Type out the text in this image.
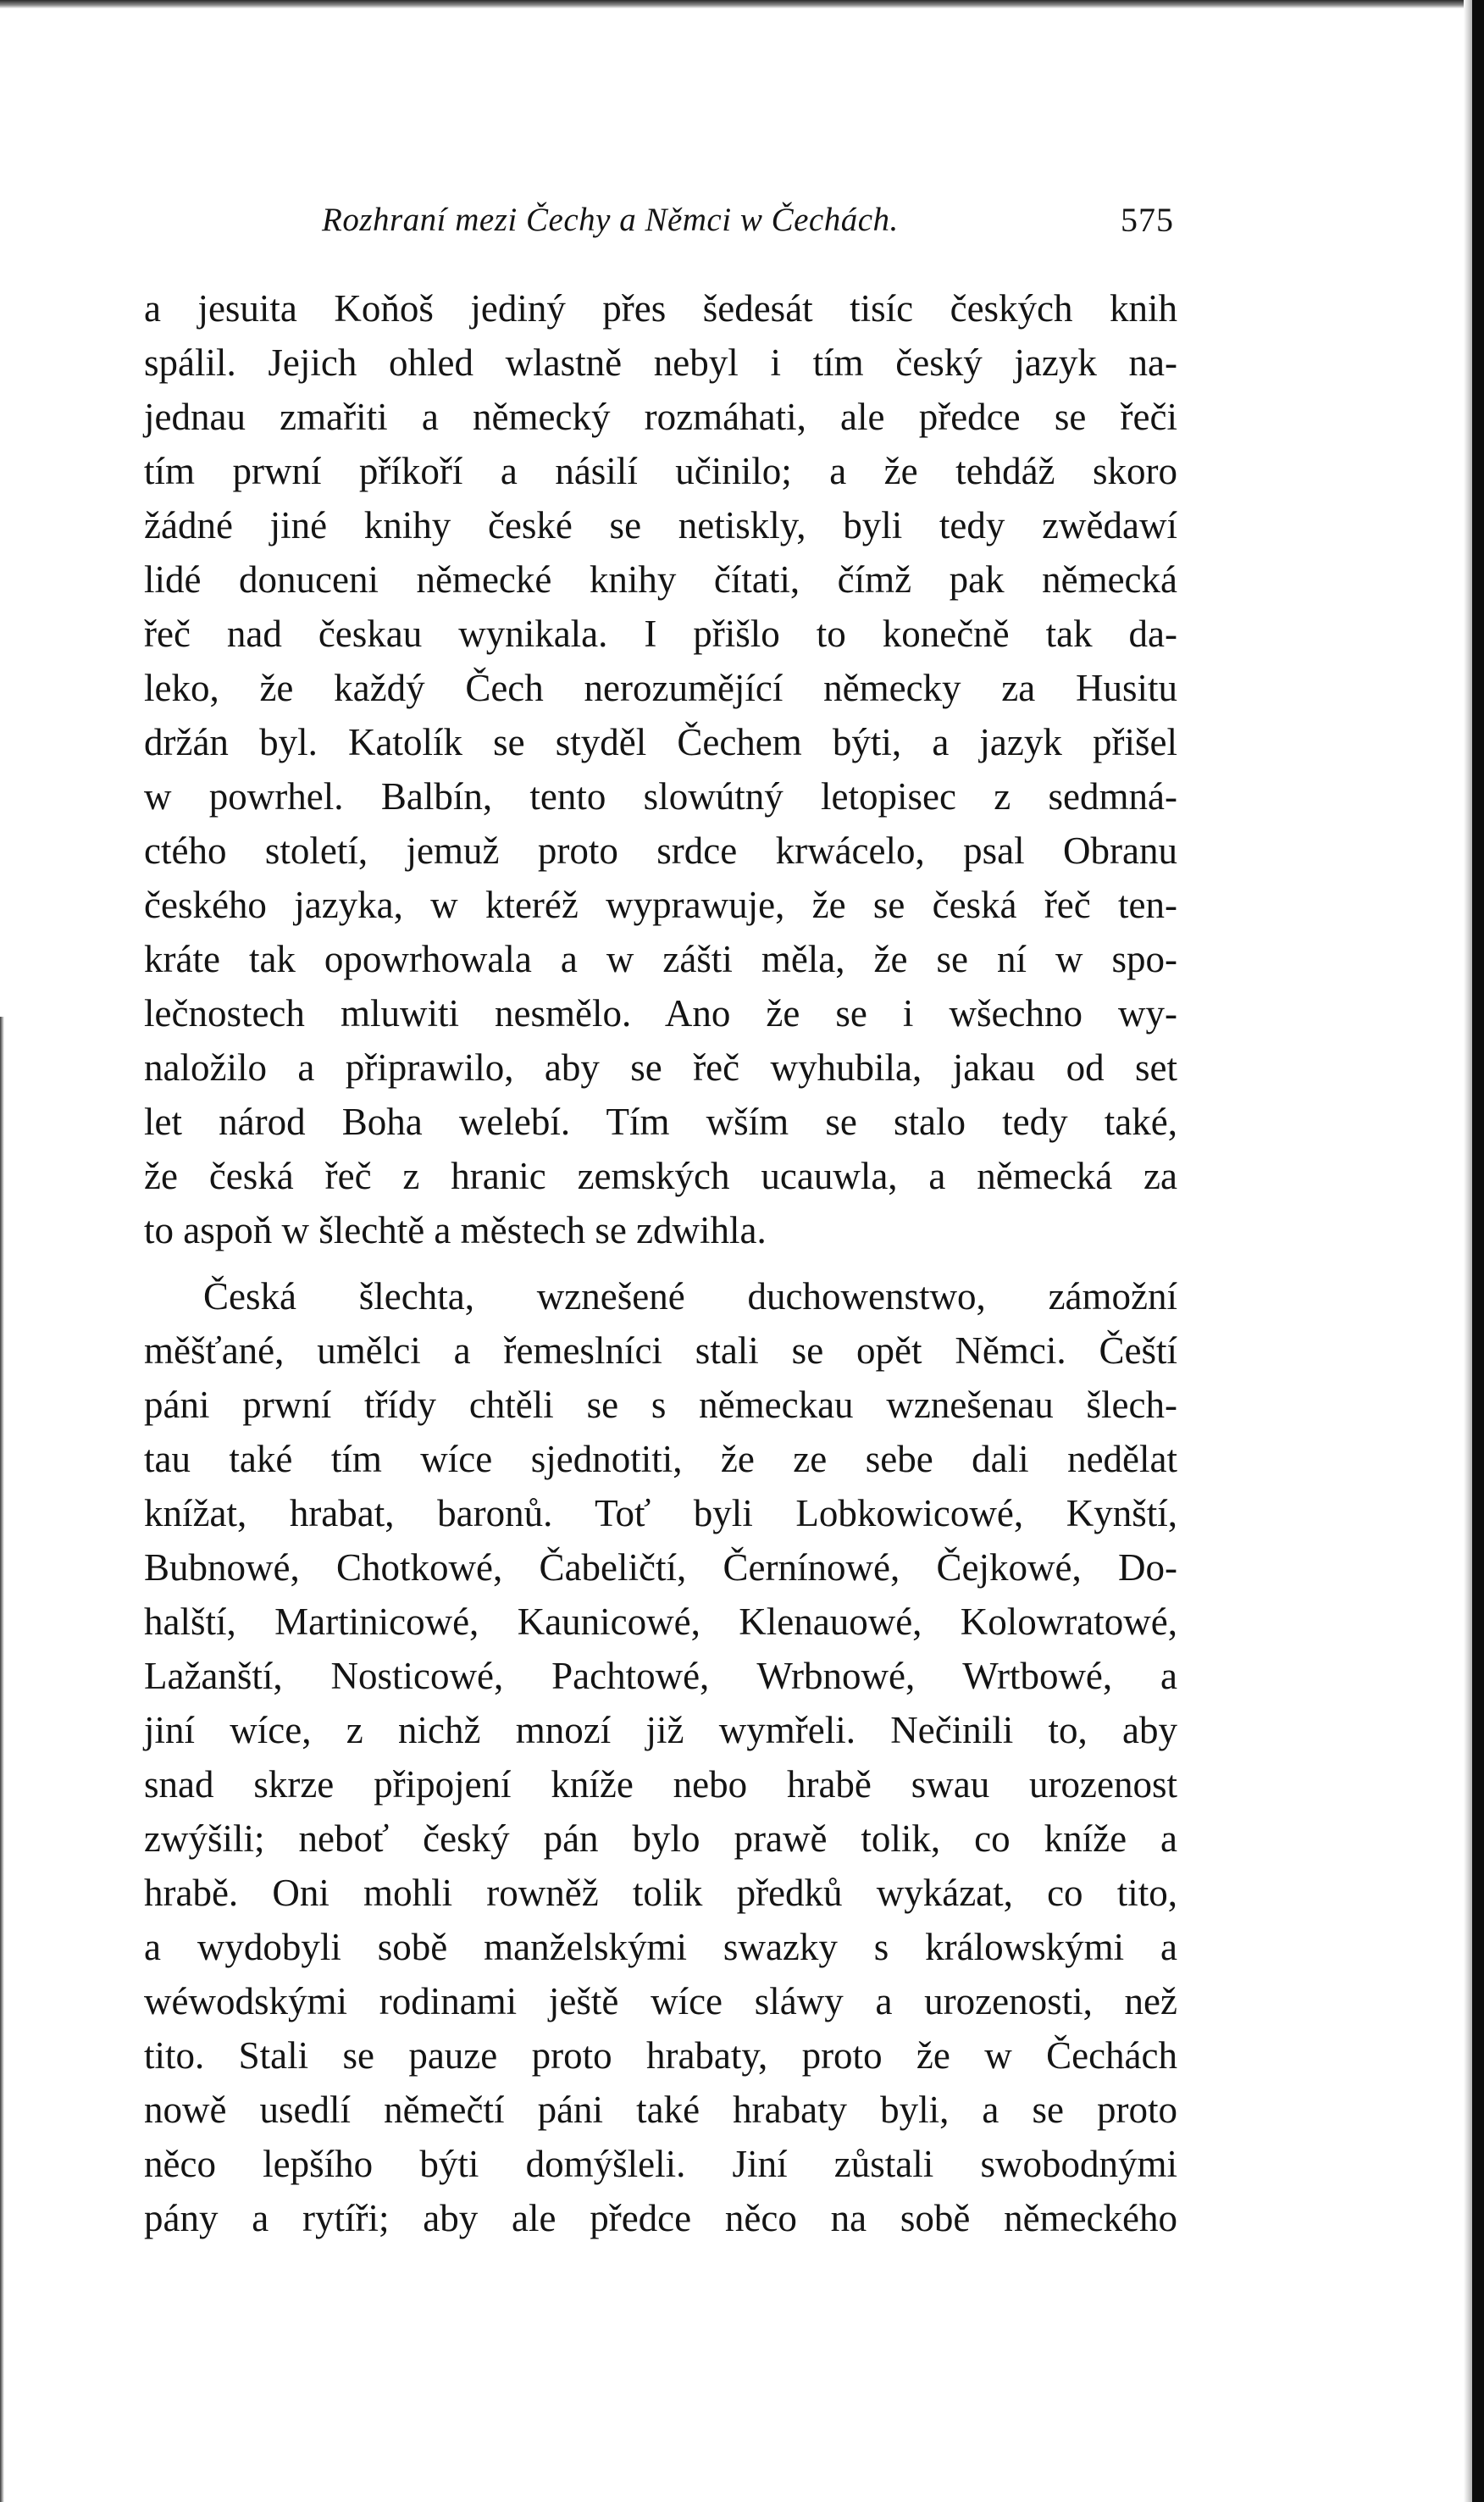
Rozhraní mezi Čechy a Němci w Čechách.	575
a jesuita Koňoš jediný přes šedesát tisíc českých knih
spálil. Jejich ohled wlastně nebyl i tím český jazyk na-
jednau zmařiti a německý rozmáhati, ale předce se řeči
tím prwní příkoří a násilí učinilo; a že tehdáž skoro
žádné jiné knihy české se netiskly, byli tedy zwědawí
lidé donuceni německé knihy čítati, čímž pak německá
řeč nad českau wynikala. I přišlo to konečně tak da-
leko, že každý Čech nerozumějící německy za Husitu
držán byl. Katolík se styděl Čechem býti, a jazyk přišel
w powrhel. Balbín, tento slowútný letopisec z sedmná-
ctého století, jemuž proto srdce krwácelo, psal Obranu
českého jazyka, w kteréž wyprawuje, že se česká řeč ten-
kráte tak opowrhowala a w zášti měla, že se ní w spo-
lečnostech mluwiti nesmělo. Ano že se i wšechno wy-
naložilo a připrawilo, aby se řeč wyhubila, jakau od set
let národ Boha welebí. Tím wším se stalo tedy také,
že česká řeč z hranic zemských ucauwla, a německá za
to aspoň w šlechtě a městech se zdwihla.
Česká šlechta, wznešené duchowenstwo, zámožní
měšťané, umělci a řemeslníci stali se opět Němci. Čeští
páni prwní třídy chtěli se s německau wznešenau šlech-
tau také tím wíce sjednotiti, že ze sebe dali nedělat
knížat, hrabat, baronů. Toť byli Lobkowicowé, Kynští,
Bubnowé, Chotkowé, Čabeličtí, Černínowé, Čejkowé, Do-
halští, Martinicowé, Kaunicowé, Klenauowé, Kolowratowé,
Lažanští, Nosticowé, Pachtowé, Wrbnowé, Wrtbowé, a
jiní wíce, z nichž mnozí již wymřeli. Nečinili to, aby
snad skrze připojení kníže nebo hrabě swau urozenost
zwýšili; neboť český pán bylo prawě tolik, co kníže a
hrabě. Oni mohli rowněž tolik předků wykázat, co tito,
a wydobyli sobě manželskými swazky s králowskými a
wéwodskými rodinami ještě wíce sláwy a urozenosti, než
tito. Stali se pauze proto hrabaty, proto že w Čechách
nowě usedlí němečtí páni také hrabaty byli, a se proto
něco lepšího býti domýšleli. Jiní zůstali swobodnými
pány a rytíři; aby ale předce něco na sobě německého
